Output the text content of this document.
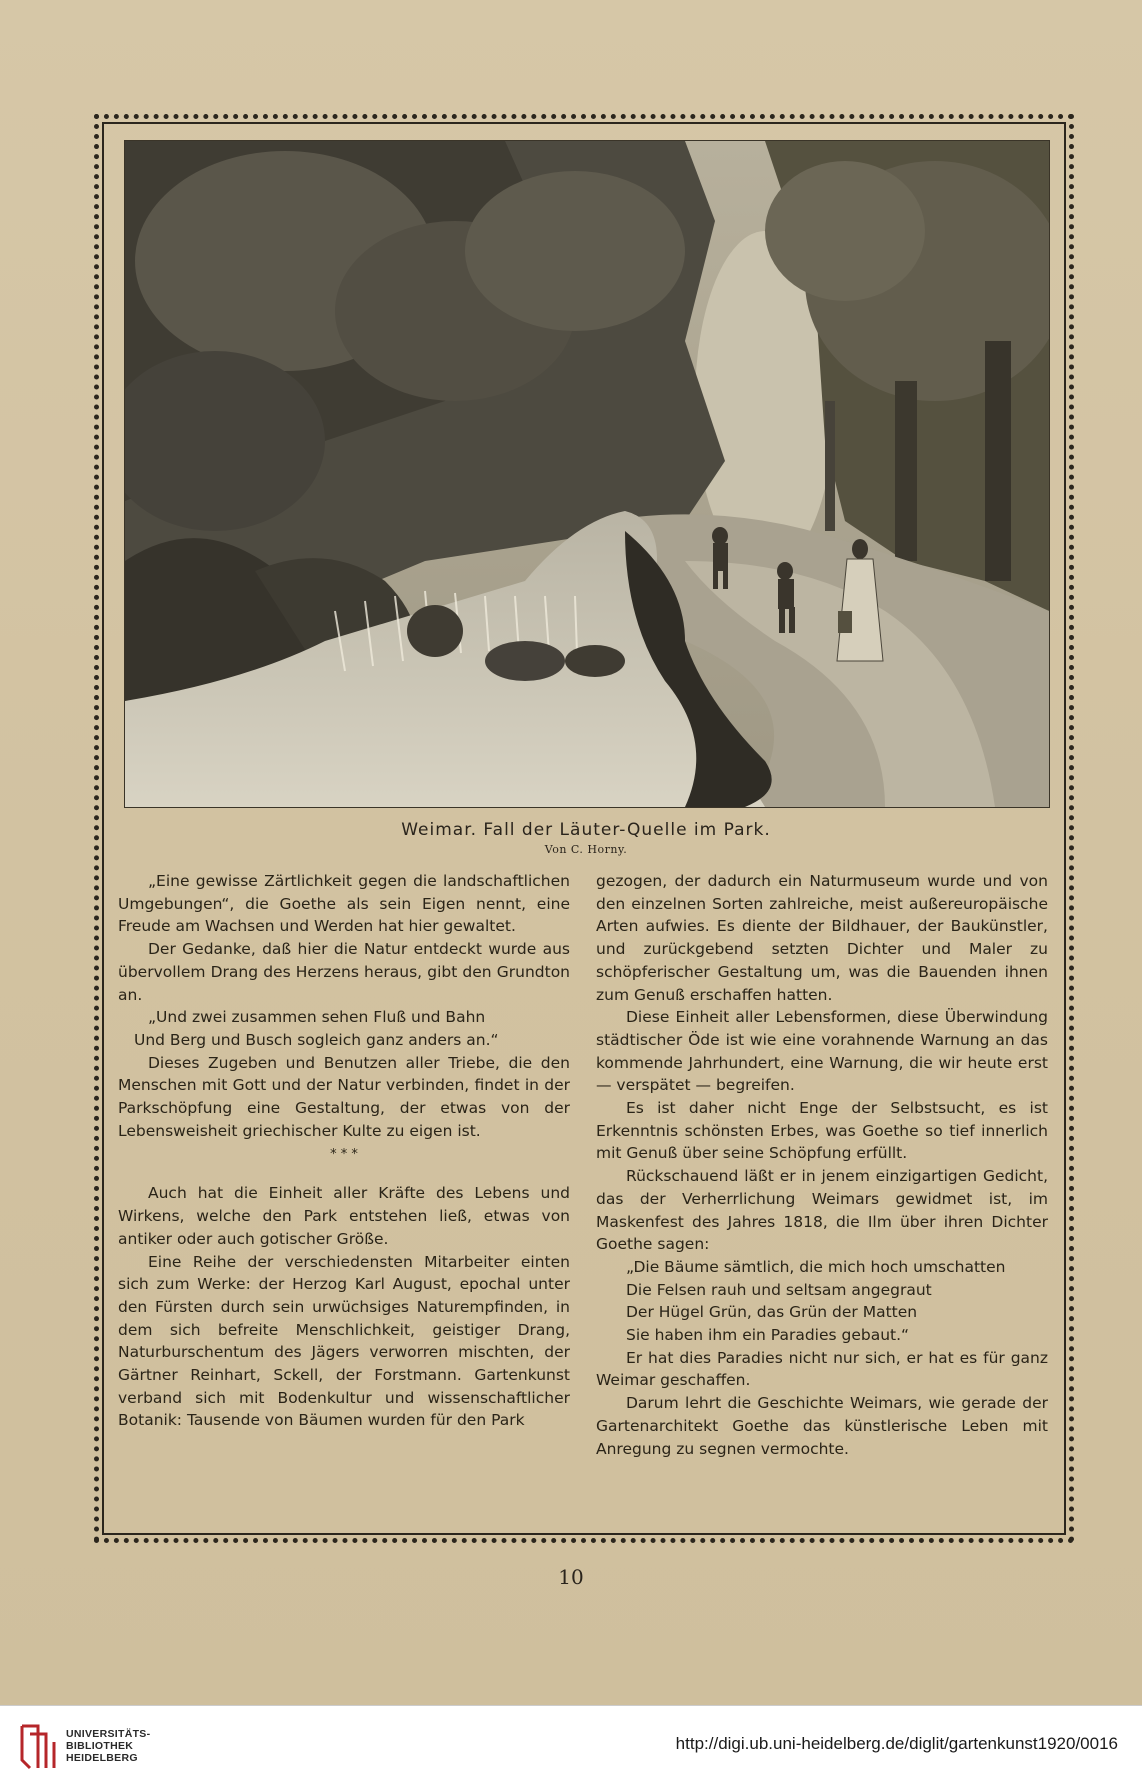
Weimar. Fall der Läuter-Quelle im Park.
Von C. Horny.

„Eine gewisse Zärtlichkeit gegen die landschaftlichen Umgebungen“, die Goethe als sein Eigen nennt, eine Freude am Wachsen und Werden hat hier gewaltet.

Der Gedanke, daß hier die Natur entdeckt wurde aus übervollem Drang des Herzens heraus, gibt den Grundton an.

„Und zwei zusammen sehen Fluß und Bahn

Und Berg und Busch sogleich ganz anders an.“

Dieses Zugeben und Benutzen aller Triebe, die den Menschen mit Gott und der Natur verbinden, findet in der Parkschöpfung eine Gestaltung, der etwas von der Lebensweisheit griechischer Kulte zu eigen ist.

* * *

Auch hat die Einheit aller Kräfte des Lebens und Wirkens, welche den Park entstehen ließ, etwas von antiker oder auch gotischer Größe.

Eine Reihe der verschiedensten Mitarbeiter einten sich zum Werke: der Herzog Karl August, epochal unter den Fürsten durch sein urwüchsiges Naturempfinden, in dem sich befreite Menschlichkeit, geistiger Drang, Naturburschentum des Jägers verworren mischten, der Gärtner Reinhart, Sckell, der Forstmann. Gartenkunst verband sich mit Bodenkultur und wissenschaftlicher Botanik: Tausende von Bäumen wurden für den Park

gezogen, der dadurch ein Naturmuseum wurde und von den einzelnen Sorten zahlreiche, meist außereuropäische Arten aufwies. Es diente der Bildhauer, der Baukünstler, und zurückgebend setzten Dichter und Maler zu schöpferischer Gestaltung um, was die Bauenden ihnen zum Genuß erschaffen hatten.

Diese Einheit aller Lebensformen, diese Überwindung städtischer Öde ist wie eine vorahnende Warnung an das kommende Jahrhundert, eine Warnung, die wir heute erst — verspätet — begreifen.

Es ist daher nicht Enge der Selbstsucht, es ist Erkenntnis schönsten Erbes, was Goethe so tief innerlich mit Genuß über seine Schöpfung erfüllt.

Rückschauend läßt er in jenem einzigartigen Gedicht, das der Verherrlichung Weimars gewidmet ist, im Maskenfest des Jahres 1818, die Ilm über ihren Dichter Goethe sagen:

„Die Bäume sämtlich, die mich hoch umschatten

Die Felsen rauh und seltsam angegraut

Der Hügel Grün, das Grün der Matten

Sie haben ihm ein Paradies gebaut.“

Er hat dies Paradies nicht nur sich, er hat es für ganz Weimar geschaffen.

Darum lehrt die Geschichte Weimars, wie gerade der Gartenarchitekt Goethe das künstlerische Leben mit Anregung zu segnen vermochte.

10
UNIVERSITÄTS-
BIBLIOTHEK
HEIDELBERG
http://digi.ub.uni-heidelberg.de/diglit/gartenkunst1920/0016
